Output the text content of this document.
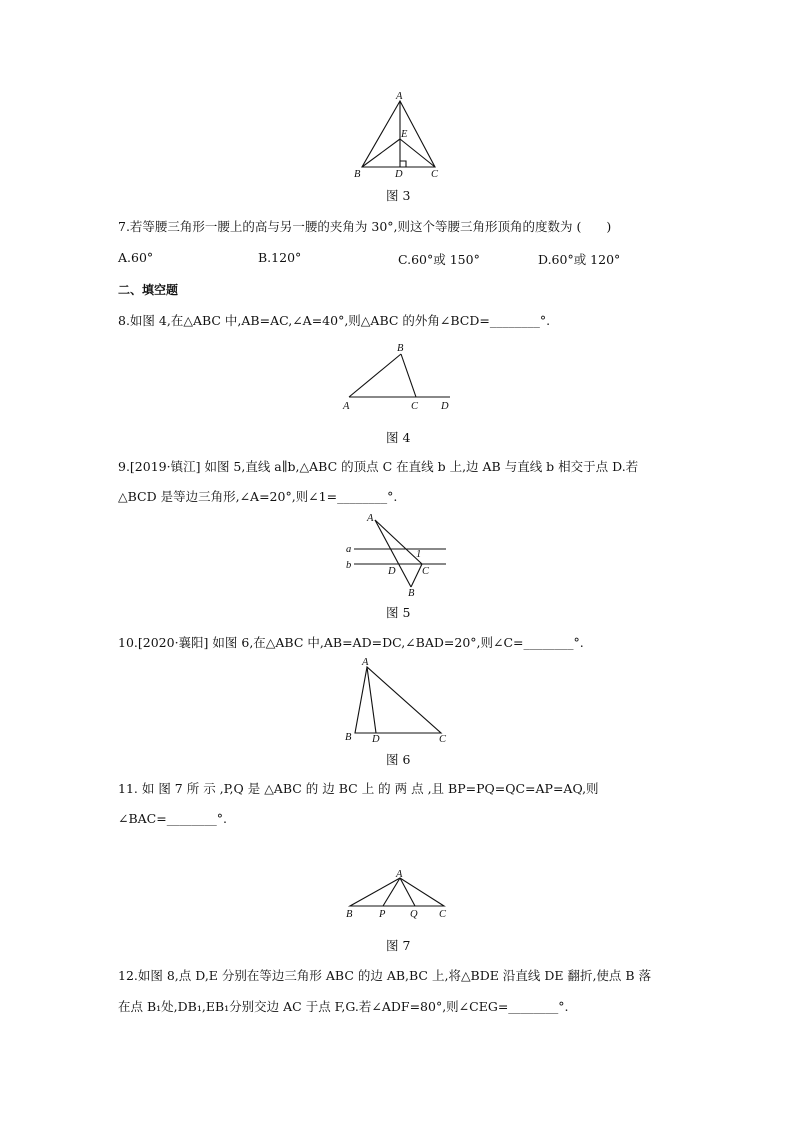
A
E
B	D	C
图 3
7.若等腰三角形一腰上的高与另一腰的夹角为 30°,则这个等腰三角形顶角的度数为 (  )
A.60°	B.120°	C.60°或 150°	D.60°或 120°
二、填空题
8.如图 4,在△ABC 中,AB=AC,∠A=40°,则△ABC 的外角∠BCD=________°.
B
A	C D
图 4
9.[2019·镇江] 如图 5,直线 a∥b,△ABC 的顶点 C 在直线 b 上,边 AB 与直线 b 相交于点 D.若
△BCD 是等边三角形,∠A=20°,则∠1=________°.
A
a
b
1
D	C
B
图 5
10.[2020·襄阳] 如图 6,在△ABC 中,AB=AD=DC,∠BAD=20°,则∠C=________°.
A
B D	C
图 6
11. 如 图 7 所 示 ,P,Q 是 △ABC 的 边 BC 上 的 两 点 ,且 BP=PQ=QC=AP=AQ,则
∠BAC=________°.
A
B	P Q C
图 7
12.如图 8,点 D,E 分别在等边三角形 ABC 的边 AB,BC 上,将△BDE 沿直线 DE 翻折,使点 B 落
在点 B₁处,DB₁,EB₁分别交边 AC 于点 F,G.若∠ADF=80°,则∠CEG=________°.
